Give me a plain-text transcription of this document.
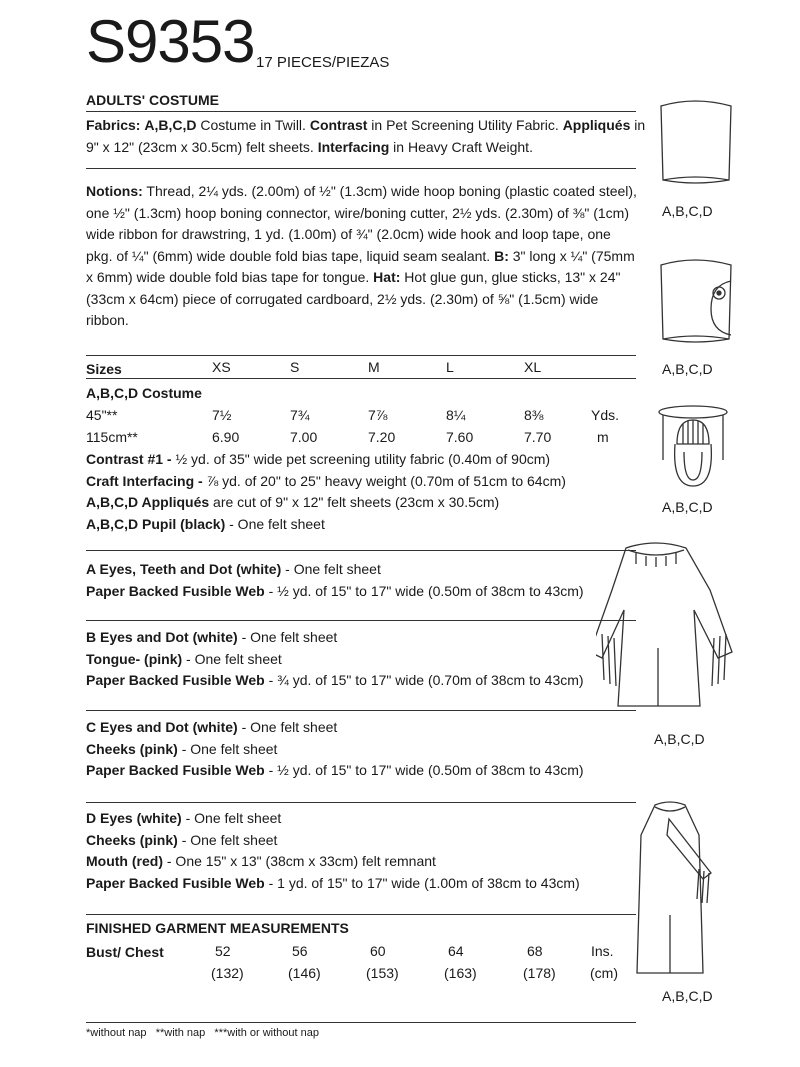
S9353 17 PIECES/PIEZAS
ADULTS' COSTUME
Fabrics: A,B,C,D Costume in Twill. Contrast in Pet Screening Utility Fabric. Appliqués in
9" x 12" (23cm x 30.5cm) felt sheets. Interfacing in Heavy Craft Weight.
Notions: Thread, 2¼ yds. (2.00m) of ½" (1.3cm) wide hoop boning (plastic coated steel),
one ½" (1.3cm) hoop boning connector, wire/boning cutter, 2½ yds. (2.30m) of ⅜" (1cm)
wide ribbon for drawstring, 1 yd. (1.00m) of ¾" (2.0cm) wide hook and loop tape, one
pkg. of ¼" (6mm) wide double fold bias tape, liquid seam sealant. B: 3" long x ¼" (75mm
x 6mm) wide double fold bias tape for tongue. Hat: Hot glue gun, glue sticks, 13" x 24"
(33cm x 64cm) piece of corrugated cardboard, 2½ yds. (2.30m) of ⅝" (1.5cm) wide
ribbon.
Sizes	XS	S	M	L	XL
A,B,C,D Costume
45"**	7½	7¾	7⅞	8¼	8⅜	Yds.
115cm**	6.90	7.00	7.20	7.60	7.70	m
Contrast #1 - ½ yd. of 35" wide pet screening utility fabric (0.40m of 90cm)
Craft Interfacing - ⅞ yd. of 20" to 25" heavy weight (0.70m of 51cm to 64cm)
A,B,C,D Appliqués are cut of 9" x 12" felt sheets (23cm x 30.5cm)
A,B,C,D Pupil (black) - One felt sheet
A Eyes, Teeth and Dot (white) - One felt sheet
Paper Backed Fusible Web - ½ yd. of 15" to 17" wide (0.50m of 38cm to 43cm)
B Eyes and Dot (white) - One felt sheet
Tongue- (pink) - One felt sheet
Paper Backed Fusible Web - ¾ yd. of 15" to 17" wide (0.70m of 38cm to 43cm)
C Eyes and Dot (white) - One felt sheet
Cheeks (pink) - One felt sheet
Paper Backed Fusible Web - ½ yd. of 15" to 17" wide (0.50m of 38cm to 43cm)
D Eyes (white) - One felt sheet
Cheeks (pink) - One felt sheet
Mouth (red) - One 15" x 13" (38cm x 33cm) felt remnant
Paper Backed Fusible Web - 1 yd. of 15" to 17" wide (1.00m of 38cm to 43cm)
FINISHED GARMENT MEASUREMENTS
Bust/ Chest	52	56	60	64	68	Ins.
(132)	(146)	(153)	(163)	(178) (cm)
*without nap   **with nap   ***with or without nap
A,B,C,D
A,B,C,D
A,B,C,D
A,B,C,D
A,B,C,D
